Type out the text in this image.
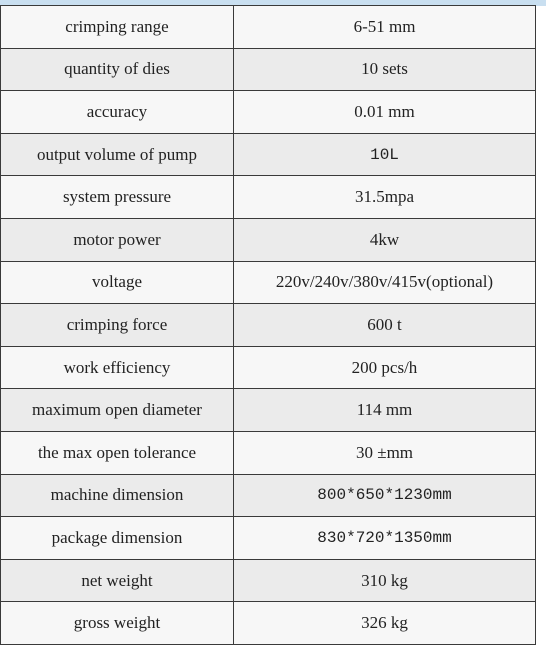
crimping range	6-51 mm
quantity of dies	10 sets
accuracy	0.01 mm
output volume of pump	10L
system pressure	31.5mpa
motor power	4kw
voltage	220v/240v/380v/415v(optional)
crimping force	600 t
work efficiency	200 pcs/h
maximum open diameter	114 mm
the max open tolerance	30 ±mm
machine dimension	800*650*1230mm
package dimension	830*720*1350mm
net weight	310 kg
gross weight	326 kg
